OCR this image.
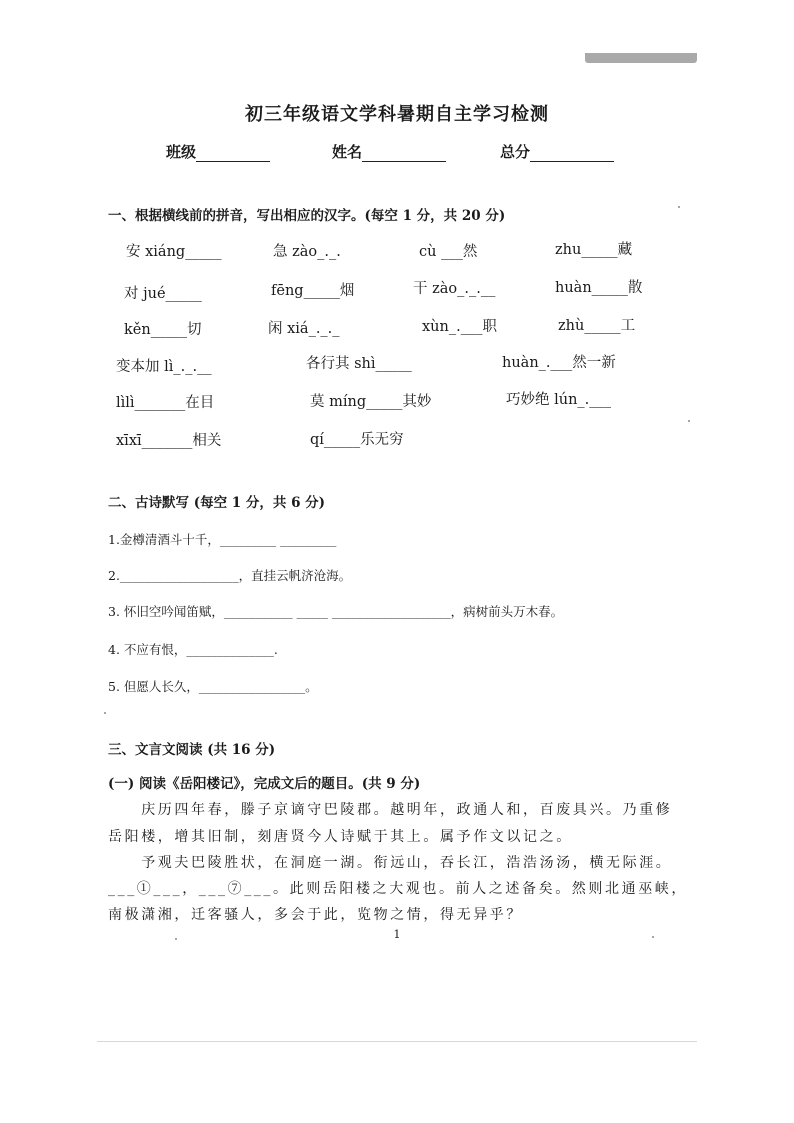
初三年级语文学科暑期自主学习检测
班级	姓名	总分
一、根据横线前的拼音，写出相应的汉字。(每空 1 分，共 20 分)
安 xiáng_____	急 zào_._.	cù ___然	zhu_____藏
对 jué_____	fēng_____烟	干 zào_._.__	huàn_____散
kěn_____切	闲 xiá_._._	xùn_.___职	zhù_____工
变本加 lì_._.__	各行其 shì_____	huàn_.___然一新
lìlì_______在目	莫 míng_____其妙	巧妙绝 lún_.___
xīxī_______相关	qí_____乐无穷
二、古诗默写 (每空 1 分，共 6 分)
1.金樽清酒斗十千，_________ _________
2.___________________，直挂云帆济沧海。
3. 怀旧空吟闻笛赋，___________ _____ ___________________，病树前头万木春。
4. 不应有恨，______________.
5. 但愿人长久，_________________。
三、文言文阅读 (共 16 分)
(一) 阅读《岳阳楼记》，完成文后的题目。(共 9 分)
　　庆历四年春，滕子京谪守巴陵郡。越明年，政通人和，百废具兴。乃重修
岳阳楼，增其旧制，刻唐贤今人诗赋于其上。属予作文以记之。
　　予观夫巴陵胜状，在洞庭一湖。衔远山，吞长江，浩浩汤汤，横无际涯。
___①___，___⑦___。此则岳阳楼之大观也。前人之述备矣。然则北通巫峡，
南极潇湘，迁客骚人，多会于此，览物之情，得无异乎？
1
